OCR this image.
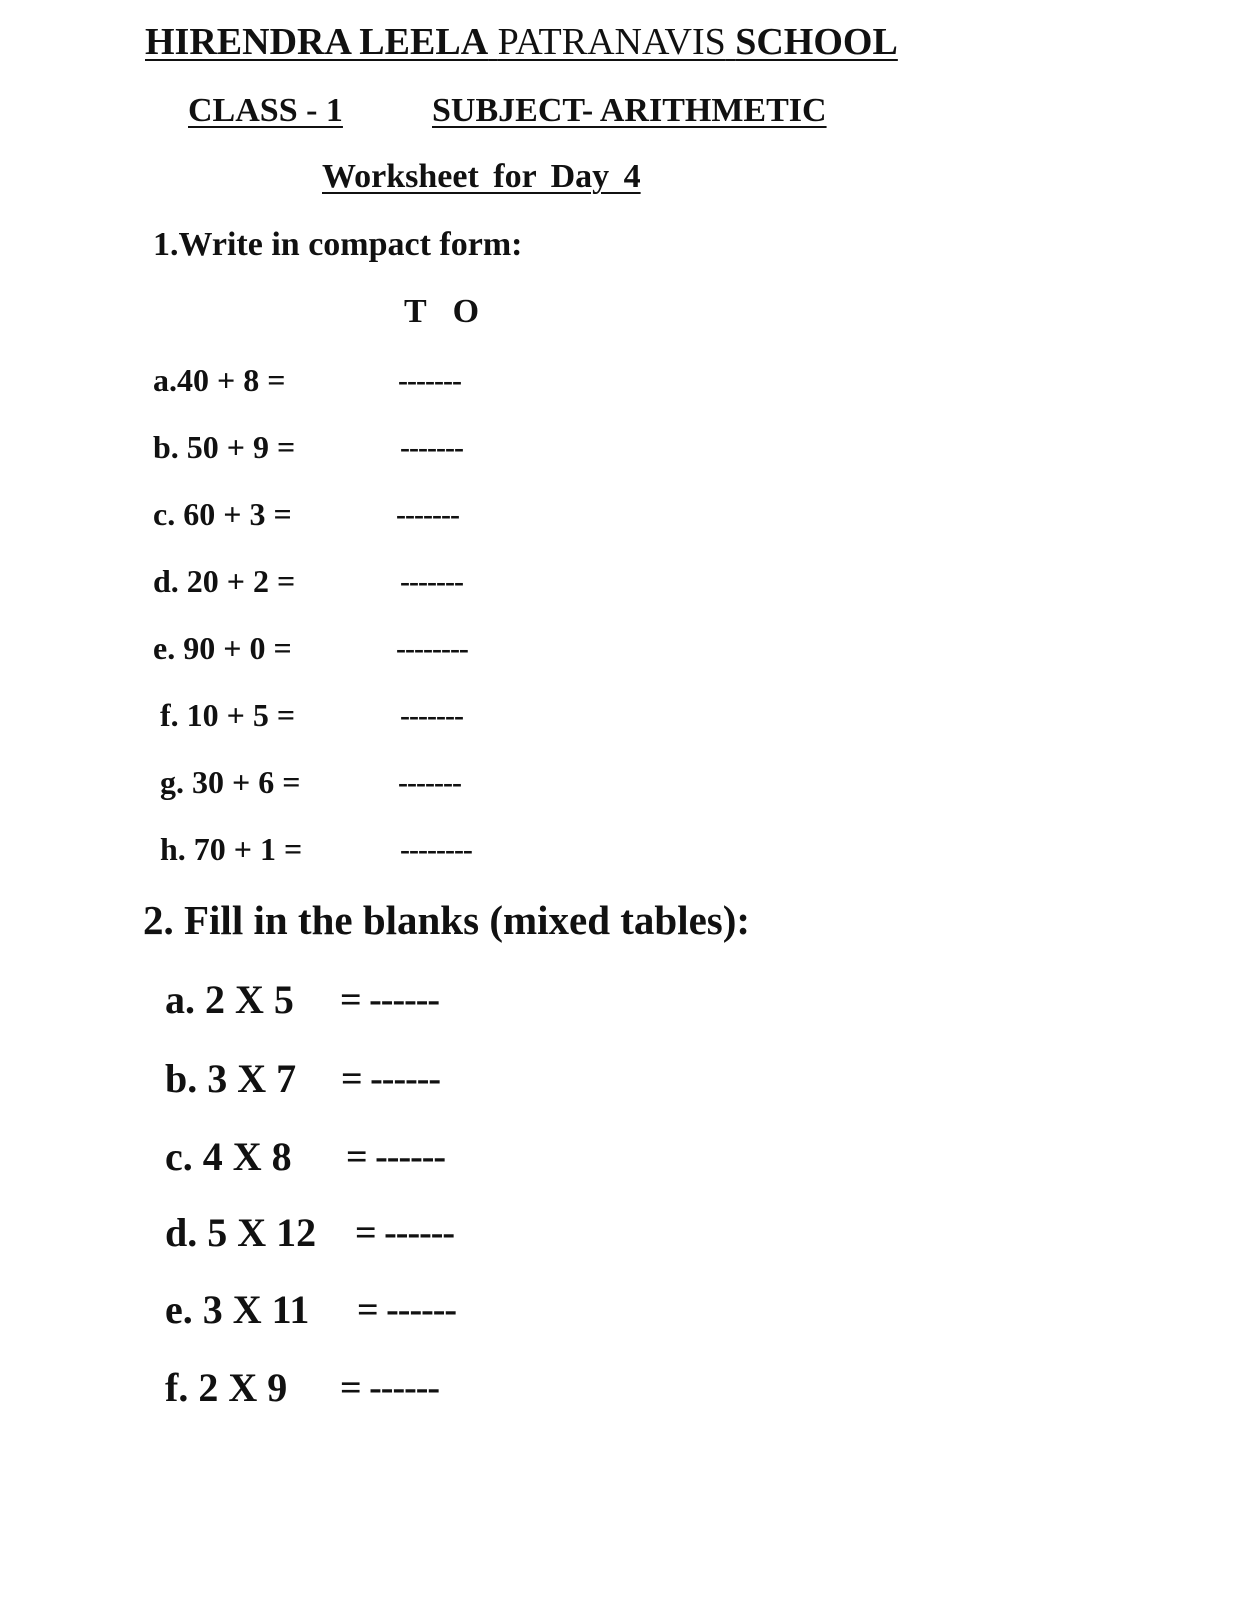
HIRENDRA LEELA PATRANAVIS SCHOOL
CLASS - 1	SUBJECT- ARITHMETIC
Worksheet for Day 4
1.Write in compact form:
T O
a.40 + 8 =	-------
b. 50 + 9 =	-------
c. 60 + 3 =	-------
d. 20 + 2 =	-------
e. 90 + 0 =	--------
f. 10 + 5 =	-------
g. 30 + 6 =	-------
h. 70 + 1 =	--------
2. Fill in the blanks (mixed tables):
a. 2 X 5 = ------
b. 3 X 7 = ------
c. 4 X 8 = ------
d. 5 X 12 = ------
e. 3 X 11 = ------
f. 2 X 9 = ------
